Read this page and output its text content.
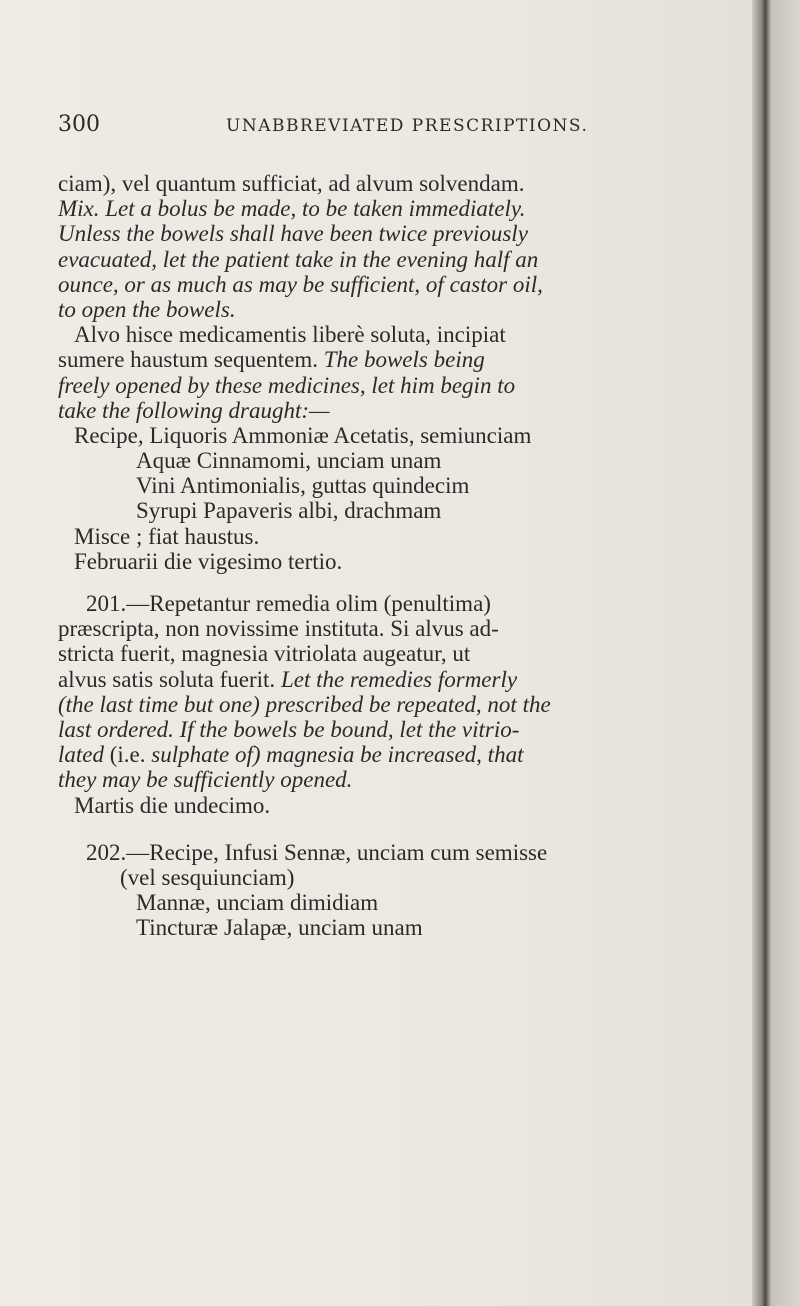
300	UNABBREVIATED PRESCRIPTIONS.
ciam), vel quantum sufficiat, ad alvum solvendam.
Mix. Let a bolus be made, to be taken immediately.
Unless the bowels shall have been twice previously
evacuated, let the patient take in the evening half an
ounce, or as much as may be sufficient, of castor oil,
to open the bowels.
Alvo hisce medicamentis liberè soluta, incipiat
sumere haustum sequentem. The bowels being
freely opened by these medicines, let him begin to
take the following draught:—
Recipe, Liquoris Ammoniæ Acetatis, semiunciam
Aquæ Cinnamomi, unciam unam
Vini Antimonialis, guttas quindecim
Syrupi Papaveris albi, drachmam
Misce ; fiat haustus.
Februarii die vigesimo tertio.
201.—Repetantur remedia olim (penultima)
præscripta, non novissime instituta. Si alvus ad-
stricta fuerit, magnesia vitriolata augeatur, ut
alvus satis soluta fuerit. Let the remedies formerly
(the last time but one) prescribed be repeated, not the
last ordered. If the bowels be bound, let the vitrio-
lated (i.e. sulphate of) magnesia be increased, that
they may be sufficiently opened.
Martis die undecimo.
202.—Recipe, Infusi Sennæ, unciam cum semisse
(vel sesquiunciam)
Mannæ, unciam dimidiam
Tincturæ Jalapæ, unciam unam
